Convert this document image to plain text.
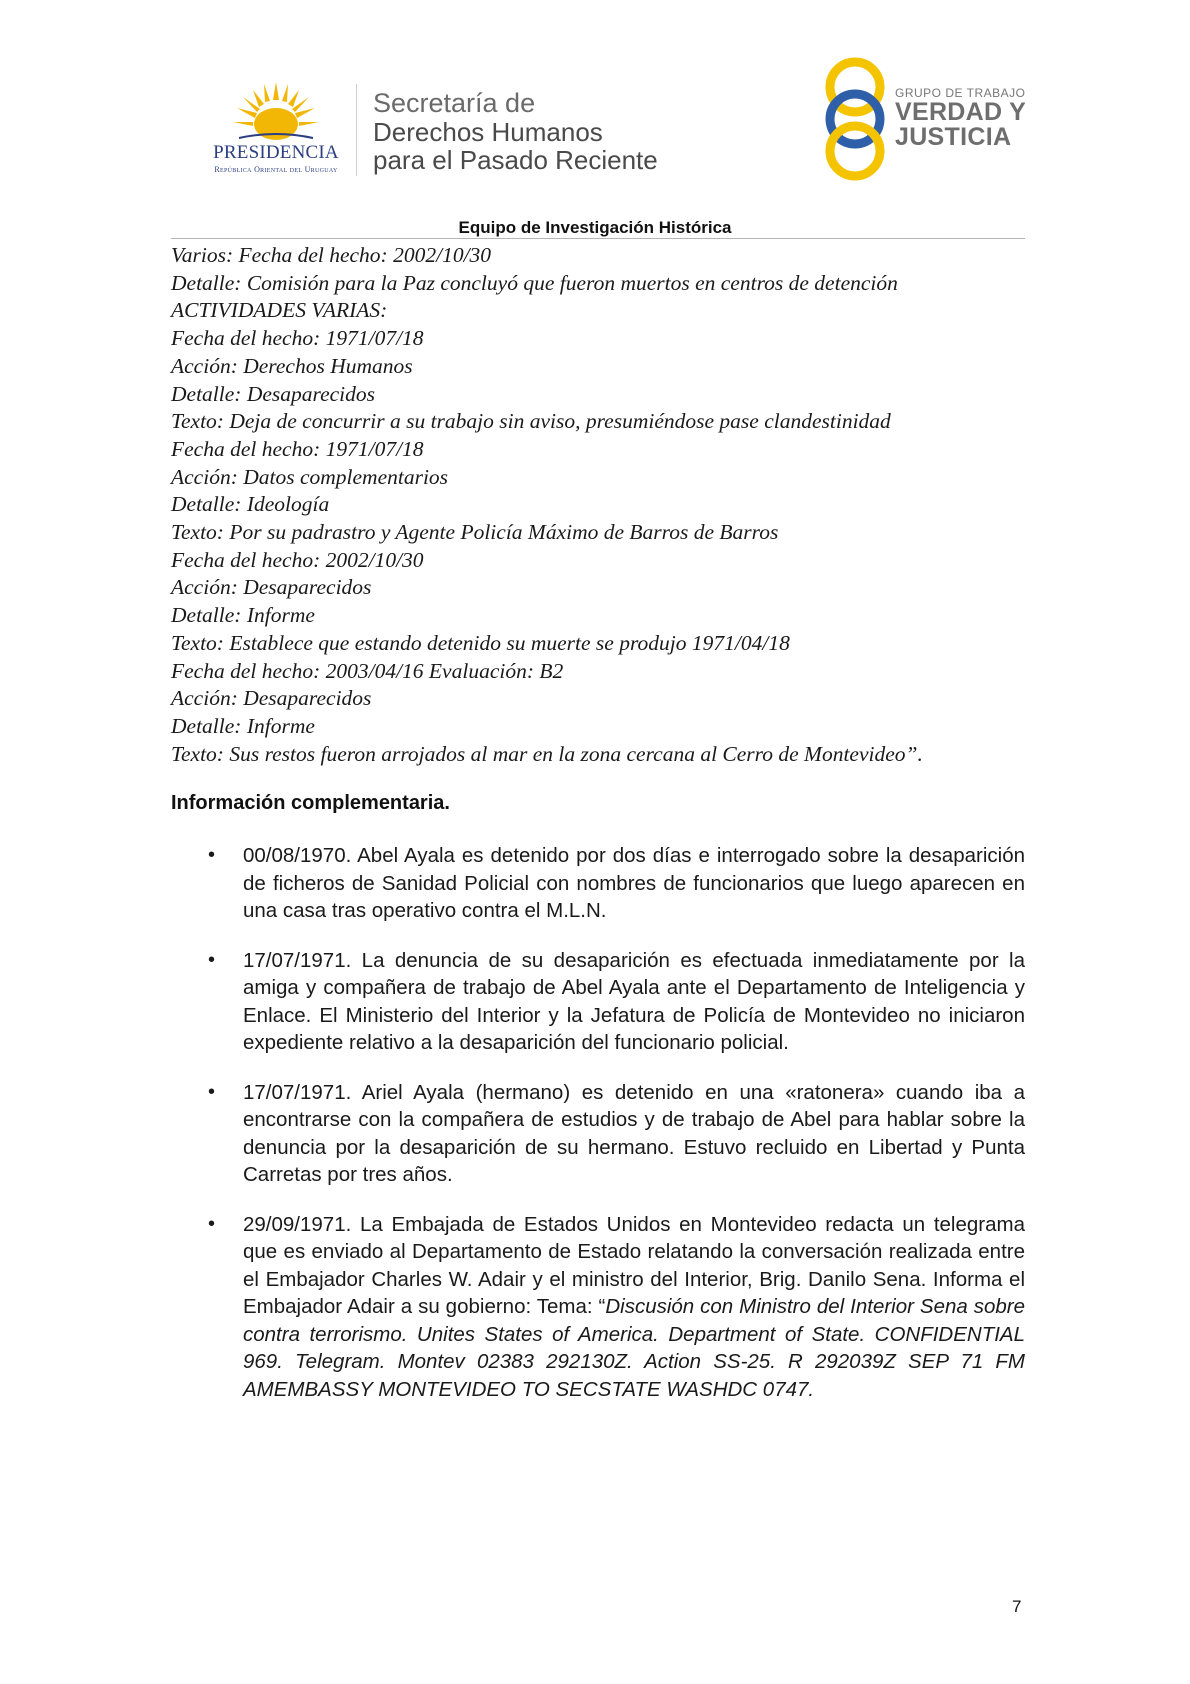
PRESIDENCIA
República Oriental del Uruguay
Secretaría de
Derechos Humanos
para el Pasado Reciente
GRUPO DE TRABAJO
VERDAD Y
JUSTICIA
Equipo de Investigación Histórica
Varios: Fecha del hecho: 2002/10/30
Detalle: Comisión para la Paz concluyó que fueron muertos en centros de detención
ACTIVIDADES VARIAS:
Fecha del hecho: 1971/07/18
Acción: Derechos Humanos
Detalle: Desaparecidos
Texto: Deja de concurrir a su trabajo sin aviso, presumiéndose pase clandestinidad
Fecha del hecho: 1971/07/18
Acción: Datos complementarios
Detalle: Ideología
Texto: Por su padrastro y Agente Policía Máximo de Barros de Barros
Fecha del hecho: 2002/10/30
Acción: Desaparecidos
Detalle: Informe
Texto: Establece que estando detenido su muerte se produjo 1971/04/18
Fecha del hecho: 2003/04/16 Evaluación: B2
Acción: Desaparecidos
Detalle: Informe
Texto: Sus restos fueron arrojados al mar en la zona cercana al Cerro de Montevideo”.
Información complementaria.
• 00/08/1970. Abel Ayala es detenido por dos días e interrogado sobre la desaparición de ficheros de Sanidad Policial con nombres de funcionarios que luego aparecen en una casa tras operativo contra el M.L.N.
• 17/07/1971. La denuncia de su desaparición es efectuada inmediatamente por la amiga y compañera de trabajo de Abel Ayala ante el Departamento de Inteligencia y Enlace. El Ministerio del Interior y la Jefatura de Policía de Montevideo no iniciaron expediente relativo a la desaparición del funcionario policial.
• 17/07/1971. Ariel Ayala (hermano) es detenido en una «ratonera» cuando iba a encontrarse con la compañera de estudios y de trabajo de Abel para hablar sobre la denuncia por la desaparición de su hermano. Estuvo recluido en Libertad y Punta Carretas por tres años.
• 29/09/1971. La Embajada de Estados Unidos en Montevideo redacta un telegrama que es enviado al Departamento de Estado relatando la conversación realizada entre el Embajador Charles W. Adair y el ministro del Interior, Brig. Danilo Sena. Informa el Embajador Adair a su gobierno: Tema: “Discusión con Ministro del Interior Sena sobre contra terrorismo. Unites States of America. Department of State. CONFIDENTIAL 969. Telegram. Montev 02383 292130Z. Action SS-25. R 292039Z SEP 71 FM AMEMBASSY MONTEVIDEO TO SECSTATE WASHDC 0747.
7
